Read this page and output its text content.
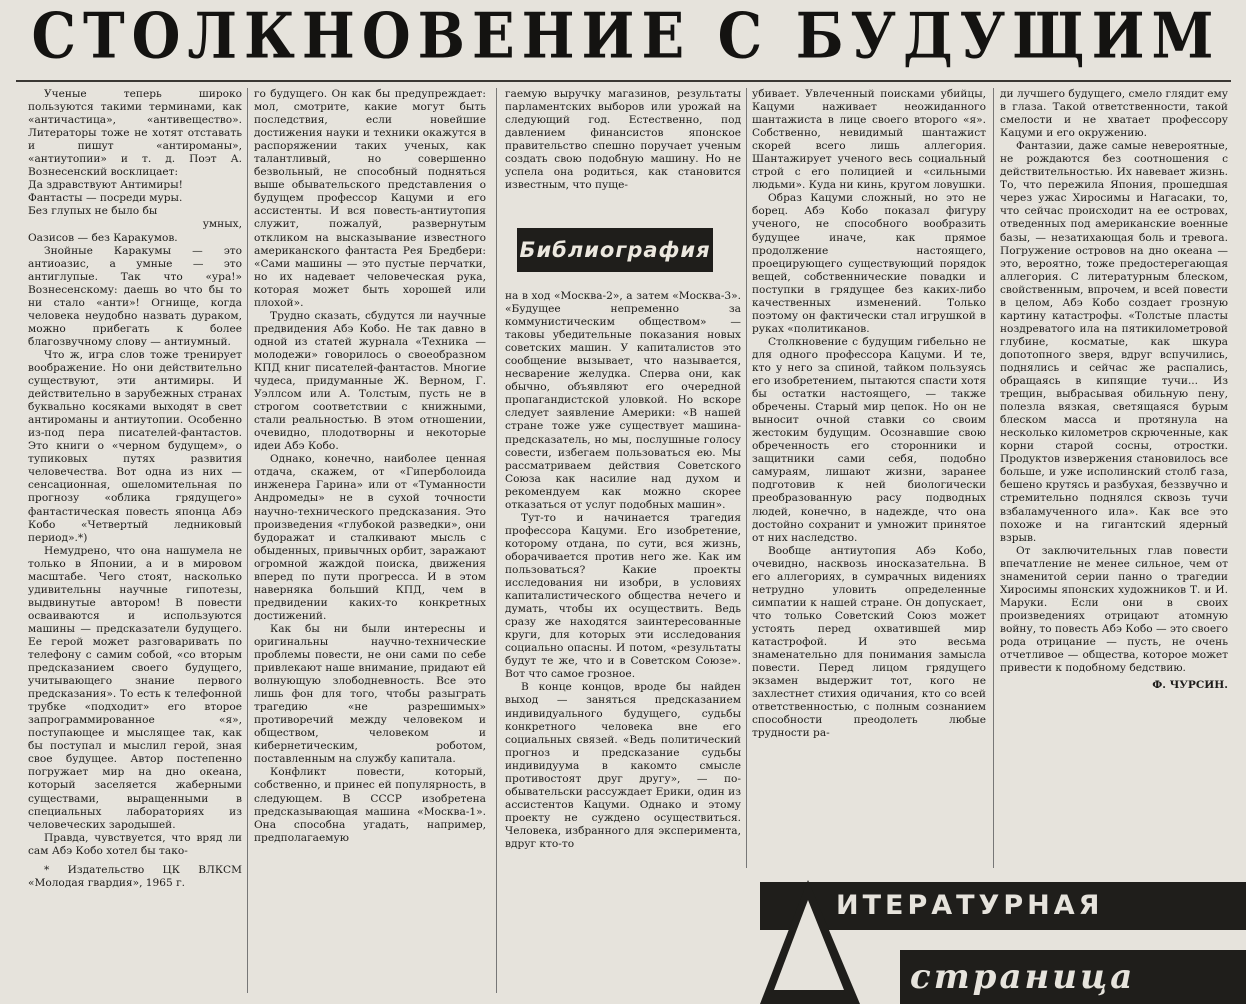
СТОЛКНОВЕНИЕ С БУДУЩИМ

Ученые теперь широко пользуются такими терминами, как «античастица», «антивещество». Литераторы тоже не хотят отставать и пишут «антироманы», «антиутопии» и т. д. Поэт А. Вознесенский восклицает:

Да здравствуют Антимиры!

Фантасты — посреди муры.

Без глупых не было бы

умных,

Оазисов — без Каракумов.

Знойные Каракумы — это антиоазис, а умные — это антиглупые. Так что «ура!» Вознесенскому: даешь во что бы то ни стало «анти»! Огнище, когда человека неудобно назвать дураком, можно прибегать к более благозвучному слову — антиумный.

Что ж, игра слов тоже тренирует воображение. Но они действительно существуют, эти антимиры. И действительно в зарубежных странах буквально косяками выходят в свет антироманы и антиутопии. Особенно из-под пера писателей-фантастов. Это книги о «черном будущем», о тупиковых путях развития человечества. Вот одна из них — сенсационная, ошеломительная по прогнозу «облика грядущего» фантастическая повесть японца Абэ Кобо «Четвертый ледниковый период».*)

Немудрено, что она нашумела не только в Японии, а и в мировом масштабе. Чего стоят, насколько удивительны научные гипотезы, выдвинутые автором! В повести осваиваются и используются машины — предсказатели будущего. Ее герой может разговаривать по телефону с самим собой, «со вторым предсказанием своего будущего, учитывающего знание первого предсказания». То есть к телефонной трубке «подходит» его второе запрограммированное «я», поступающее и мыслящее так, как бы поступал и мыслил герой, зная свое будущее. Автор постепенно погружает мир на дно океана, который заселяется жаберными существами, выращенными в специальных лабораториях из человеческих зародышей.

Правда, чувствуется, что вряд ли сам Абэ Кобо хотел бы тако-

* Издательство ЦК ВЛКСМ «Молодая гвардия», 1965 г.

го будущего. Он как бы предупреждает: мол, смотрите, какие могут быть последствия, если новейшие достижения науки и техники окажутся в распоряжении таких ученых, как талантливый, но совершенно безвольный, не способный подняться выше обывательского представления о будущем профессор Кацуми и его ассистенты. И вся повесть-антиутопия служит, пожалуй, развернутым откликом на высказывание известного американского фантаста Рея Бредбери: «Сами машины — это пустые перчатки, но их надевает человеческая рука, которая может быть хорошей или плохой».

Трудно сказать, сбудутся ли научные предвидения Абэ Кобо. Не так давно в одной из статей журнала «Техника — молодежи» говорилось о своеобразном КПД книг писателей-фантастов. Многие чудеса, придуманные Ж. Верном, Г. Уэллсом или А. Толстым, пусть не в строгом соответствии с книжными, стали реальностью. В этом отношении, очевидно, плодотворны и некоторые идеи Абэ Кобо.

Однако, конечно, наиболее ценная отдача, скажем, от «Гиперболоида инженера Гарина» или от «Туманности Андромеды» не в сухой точности научно-технического предсказания. Это произведения «глубокой разведки», они будоражат и сталкивают мысль с обыденных, привычных орбит, заражают огромной жаждой поиска, движения вперед по пути прогресса. И в этом наверняка больший КПД, чем в предвидении каких-то конкретных достижений.

Как бы ни были интересны и оригинальны научно-технические проблемы повести, не они сами по себе привлекают наше внимание, придают ей волнующую злободневность. Все это лишь фон для того, чтобы разыграть трагедию «не разрешимых» противоречий между человеком и обществом, человеком и кибернетическим, роботом, поставленным на службу капитала.

Конфликт повести, который, собственно, и принес ей популярность, в следующем. В СССР изобретена предсказывающая машина «Москва-1». Она способна угадать, например, предполагаемую

гаемую выручку магазинов, результаты парламентских выборов или урожай на следующий год. Естественно, под давлением финансистов японское правительство спешно поручает ученым создать свою подобную машину. Но не успела она родиться, как становится известным, что пуще-

Библиография

на в ход «Москва-2», а затем «Москва-3». «Будущее непременно за коммунистическим обществом» — таковы убедительные показания новых советских машин. У капиталистов это сообщение вызывает, что называется, несварение желудка. Сперва они, как обычно, объявляют его очередной пропагандистской уловкой. Но вскоре следует заявление Америки: «В нашей стране тоже уже существует машина-предсказатель, но мы, послушные голосу совести, избегаем пользоваться ею. Мы рассматриваем действия Советского Союза как насилие над духом и рекомендуем как можно скорее отказаться от услуг подобных машин».

Тут-то и начинается трагедия профессора Кацуми. Его изобретение, которому отдана, по сути, вся жизнь, оборачивается против него же. Как им пользоваться? Какие проекты исследования ни изобри, в условиях капиталистического общества нечего и думать, чтобы их осуществить. Ведь сразу же находятся заинтересованные круги, для которых эти исследования социально опасны. И потом, «результаты будут те же, что и в Советском Союзе». Вот что самое грозное.

В конце концов, вроде бы найден выход — заняться предсказанием индивидуального будущего, судьбы конкретного человека вне его социальных связей. «Ведь политический прогноз и предсказание судьбы индивидуума в какомто смысле противостоят друг другу», — по-обывательски рассуждает Ерики, один из ассистентов Кацуми. Однако и этому проекту не суждено осуществиться. Человека, избранного для эксперимента, вдруг кто-то

убивает. Увлеченный поисками убийцы, Кацуми наживает неожиданного шантажиста в лице своего второго «я». Собственно, невидимый шантажист скорей всего лишь аллегория. Шантажирует ученого весь социальный строй с его полицией и «сильными людьми». Куда ни кинь, кругом ловушки.

Образ Кацуми сложный, но это не борец. Абэ Кобо показал фигуру ученого, не способного вообразить будущее иначе, как прямое продолжение настоящего, проецирующего существующий порядок вещей, собственнические повадки и поступки в грядущее без каких-либо качественных изменений. Только поэтому он фактически стал игрушкой в руках «политиканов.

Столкновение с будущим гибельно не для одного профессора Кацуми. И те, кто у него за спиной, тайком пользуясь его изобретением, пытаются спасти хотя бы остатки настоящего, — также обречены. Старый мир цепок. Но он не выносит очной ставки со своим жестоким будущим. Осознавшие свою обреченность его сторонники и защитники сами себя, подобно самураям, лишают жизни, заранее подготовив к ней биологически преобразованную расу подводных людей, конечно, в надежде, что она достойно сохранит и умножит принятое от них наследство.

Вообще антиутопия Абэ Кобо, очевидно, насквозь иносказательна. В его аллегориях, в сумрачных видениях нетрудно уловить определенные симпатии к нашей стране. Он допускает, что только Советский Союз может устоять перед охватившей мир катастрофой. И это весьма знаменательно для понимания замысла повести. Перед лицом грядущего экзамен выдержит тот, кого не захлестнет стихия одичания, кто со всей ответственностью, с полным сознанием способности преодолеть любые трудности ра-

ди лучшего будущего, смело глядит ему в глаза. Такой ответственности, такой смелости и не хватает профессору Кацуми и его окружению.

Фантазии, даже самые невероятные, не рождаются без соотношения с действительностью. Их навевает жизнь. То, что пережила Япония, прошедшая через ужас Хиросимы и Нагасаки, то, что сейчас происходит на ее островах, отведенных под американские военные базы, — незатихающая боль и тревога. Погружение островов на дно океана — это, вероятно, тоже предостерегающая аллегория. С литературным блеском, свойственным, впрочем, и всей повести в целом, Абэ Кобо создает грозную картину катастрофы. «Толстые пласты ноздреватого ила на пятикилометровой глубине, косматые, как шкура допотопного зверя, вдруг вспучились, поднялись и сейчас же распались, обращаясь в кипящие тучи... Из трещин, выбрасывая обильную пену, полезла вязкая, светящаяся бурым блеском масса и протянула на несколько километров скрюченные, как корни старой сосны, отростки. Продуктов извержения становилось все больше, и уже исполинский столб газа, бешено крутясь и разбухая, беззвучно и стремительно поднялся сквозь тучи взбаламученного ила». Как все это похоже и на гигантский ядерный взрыв.

От заключительных глав повести впечатление не менее сильное, чем от знаменитой серии панно о трагедии Хиросимы японских художников Т. и И. Маруки. Если они в своих произведениях отрицают атомную войну, то повесть Абэ Кобо — это своего рода отрицание — пусть, не очень отчетливое — общества, которое может привести к подобному бедствию.

Ф. ЧУРСИН.

ИТЕРАТУРНАЯ
страница
